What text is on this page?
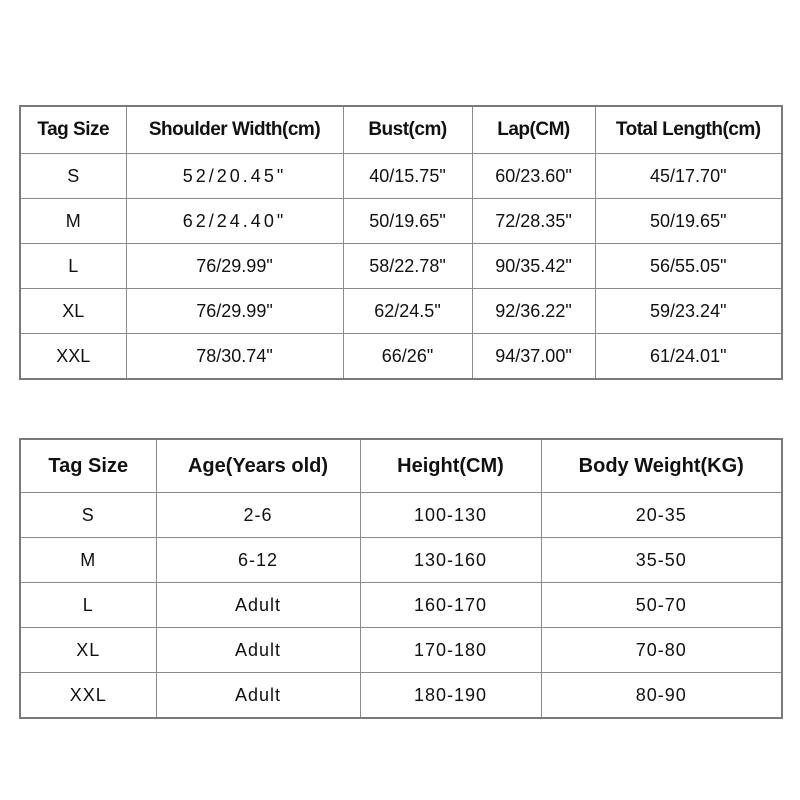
Tag Size	Shoulder Width(cm)	Bust(cm)	Lap(CM)	Total Length(cm)
S	52/20.45"	40/15.75"	60/23.60"	45/17.70"
M	62/24.40"	50/19.65"	72/28.35"	50/19.65"
L	76/29.99"	58/22.78"	90/35.42"	56/55.05"
XL	76/29.99"	62/24.5"	92/36.22"	59/23.24"
XXL	78/30.74"	66/26"	94/37.00"	61/24.01"
Tag Size	Age(Years old)	Height(CM)	Body Weight(KG)
S	2-6	100-130	20-35
M	6-12	130-160	35-50
L	Adult	160-170	50-70
XL	Adult	170-180	70-80
XXL	Adult	180-190	80-90
